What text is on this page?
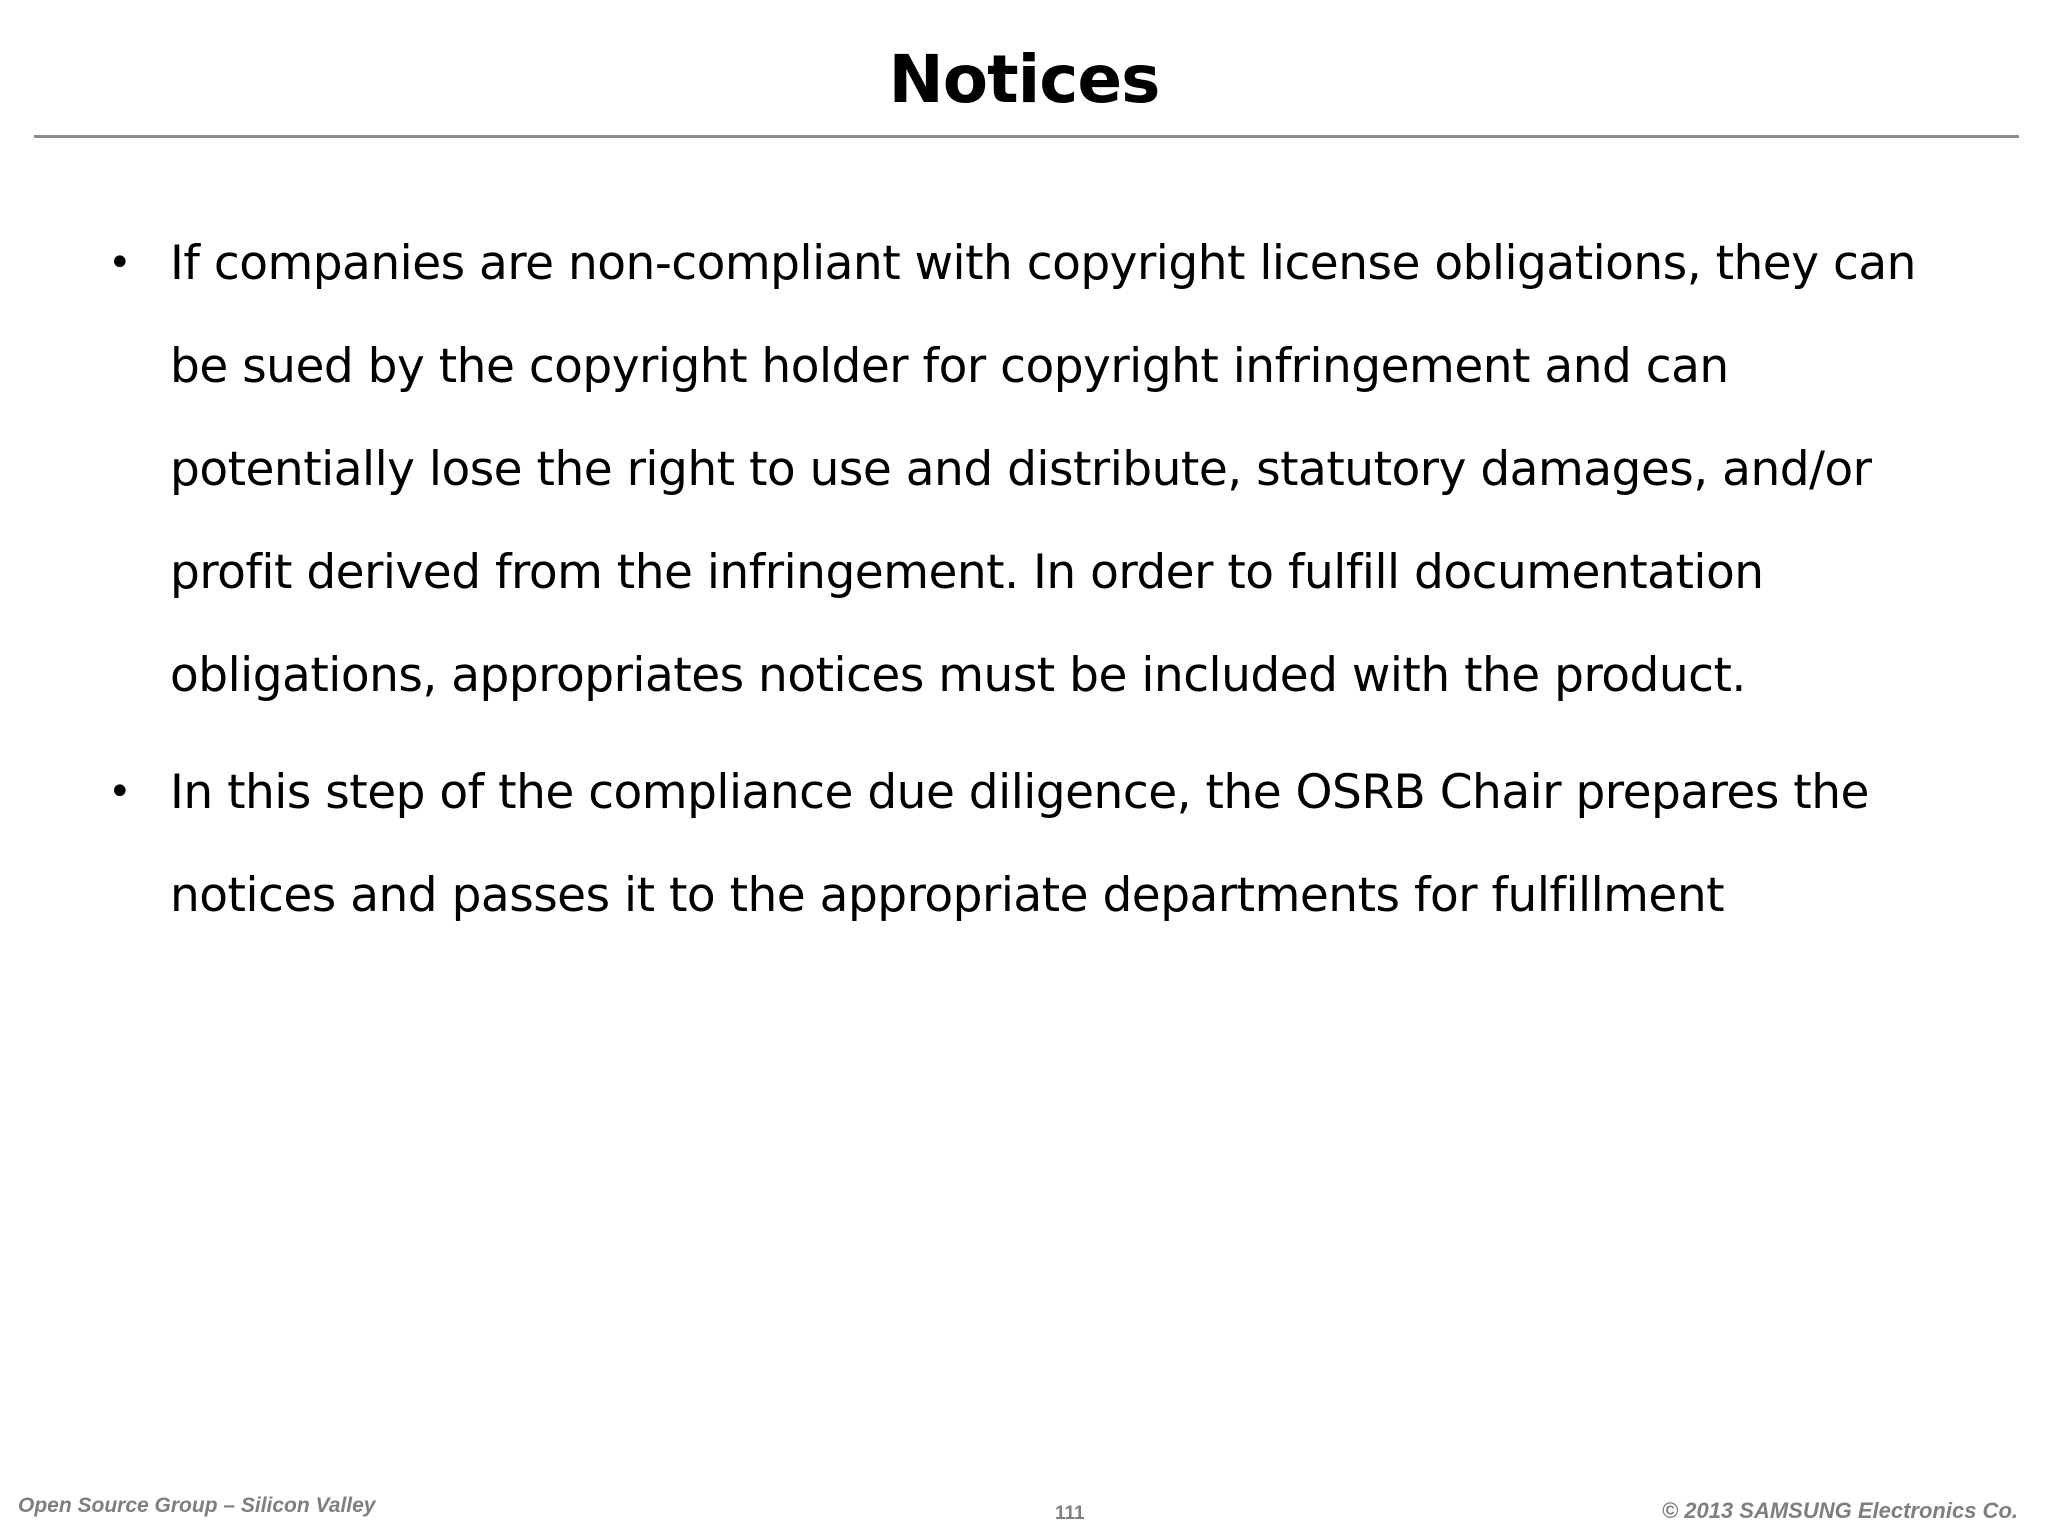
Notices
• If companies are non-compliant with copyright license obligations, they can be sued by the copyright holder for copyright infringement and can potentially lose the right to use and distribute, statutory damages, and/or profit derived from the infringement. In order to fulfill documentation obligations, appropriates notices must be included with the product.
• In this step of the compliance due diligence, the OSRB Chair prepares the notices and passes it to the appropriate departments for fulfillment
Open Source Group – Silicon Valley	111	© 2013 SAMSUNG Electronics Co.
